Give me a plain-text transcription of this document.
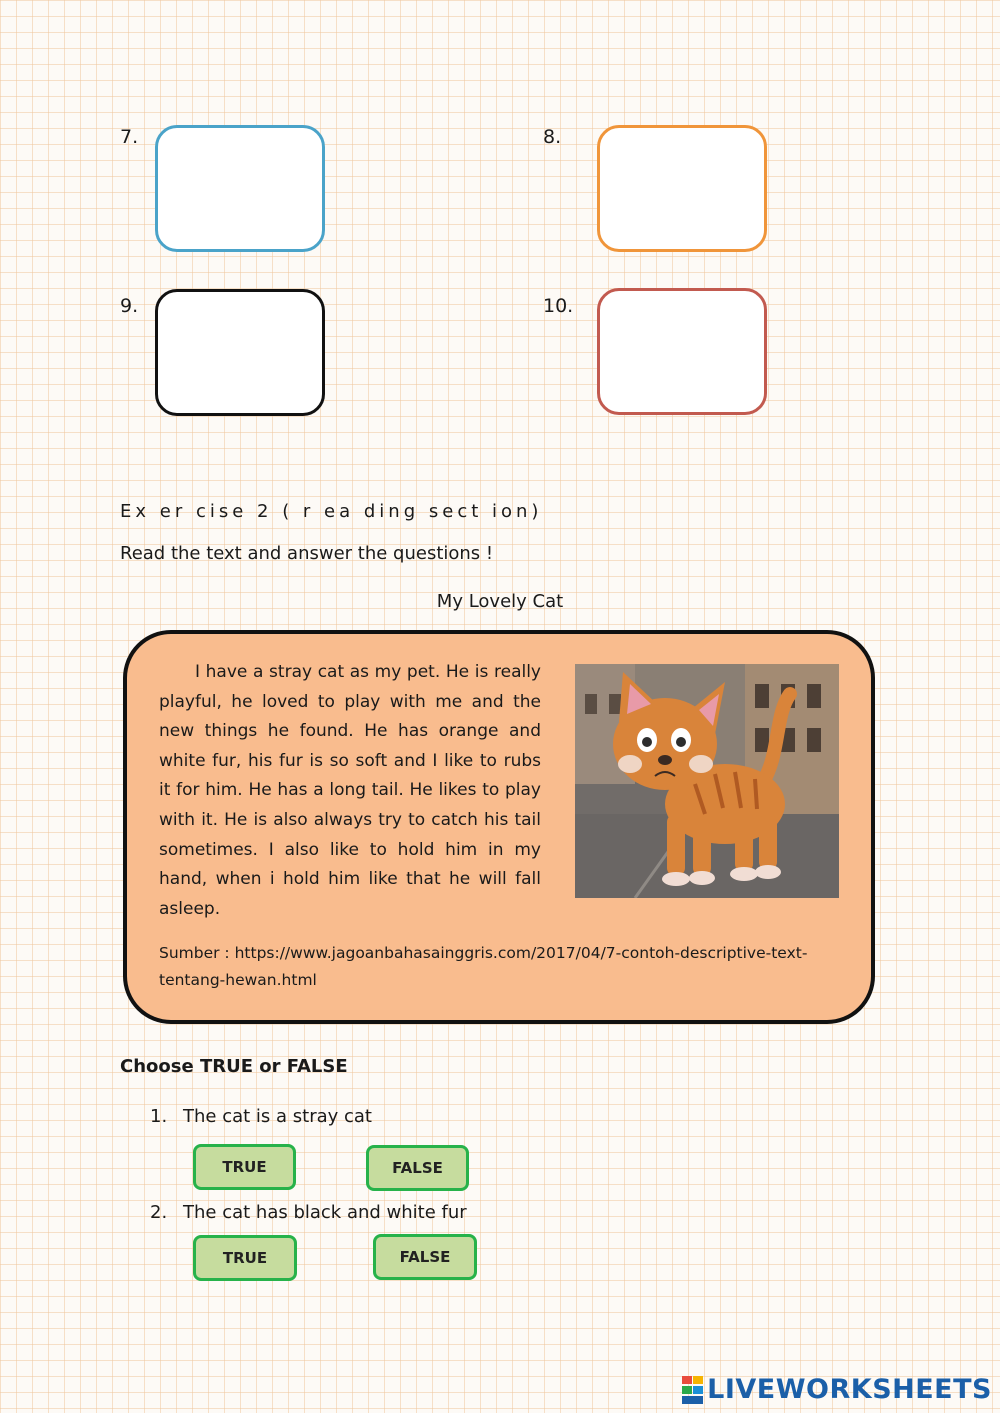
7.	8.
9.	10.
Ex er cise 2 ( r ea ding sect ion)
Read the text and answer the questions !
My Lovely Cat
I have a stray cat as my pet. He is really playful, he loved to play with me and the new things he found. He has orange and white fur, his fur is so soft and I like to rubs it for him. He has a long tail. He likes to play with it. He is also always try to catch his tail sometimes. I also like to hold him in my hand, when i hold him like that he will fall asleep.
Sumber : https://www.jagoanbahasainggris.com/2017/04/7-contoh-descriptive-text-tentang-hewan.html
Choose TRUE or FALSE
1. The cat is a stray cat
TRUE	FALSE
2. The cat has black and white fur
TRUE	FALSE
LIVEWORKSHEETS
